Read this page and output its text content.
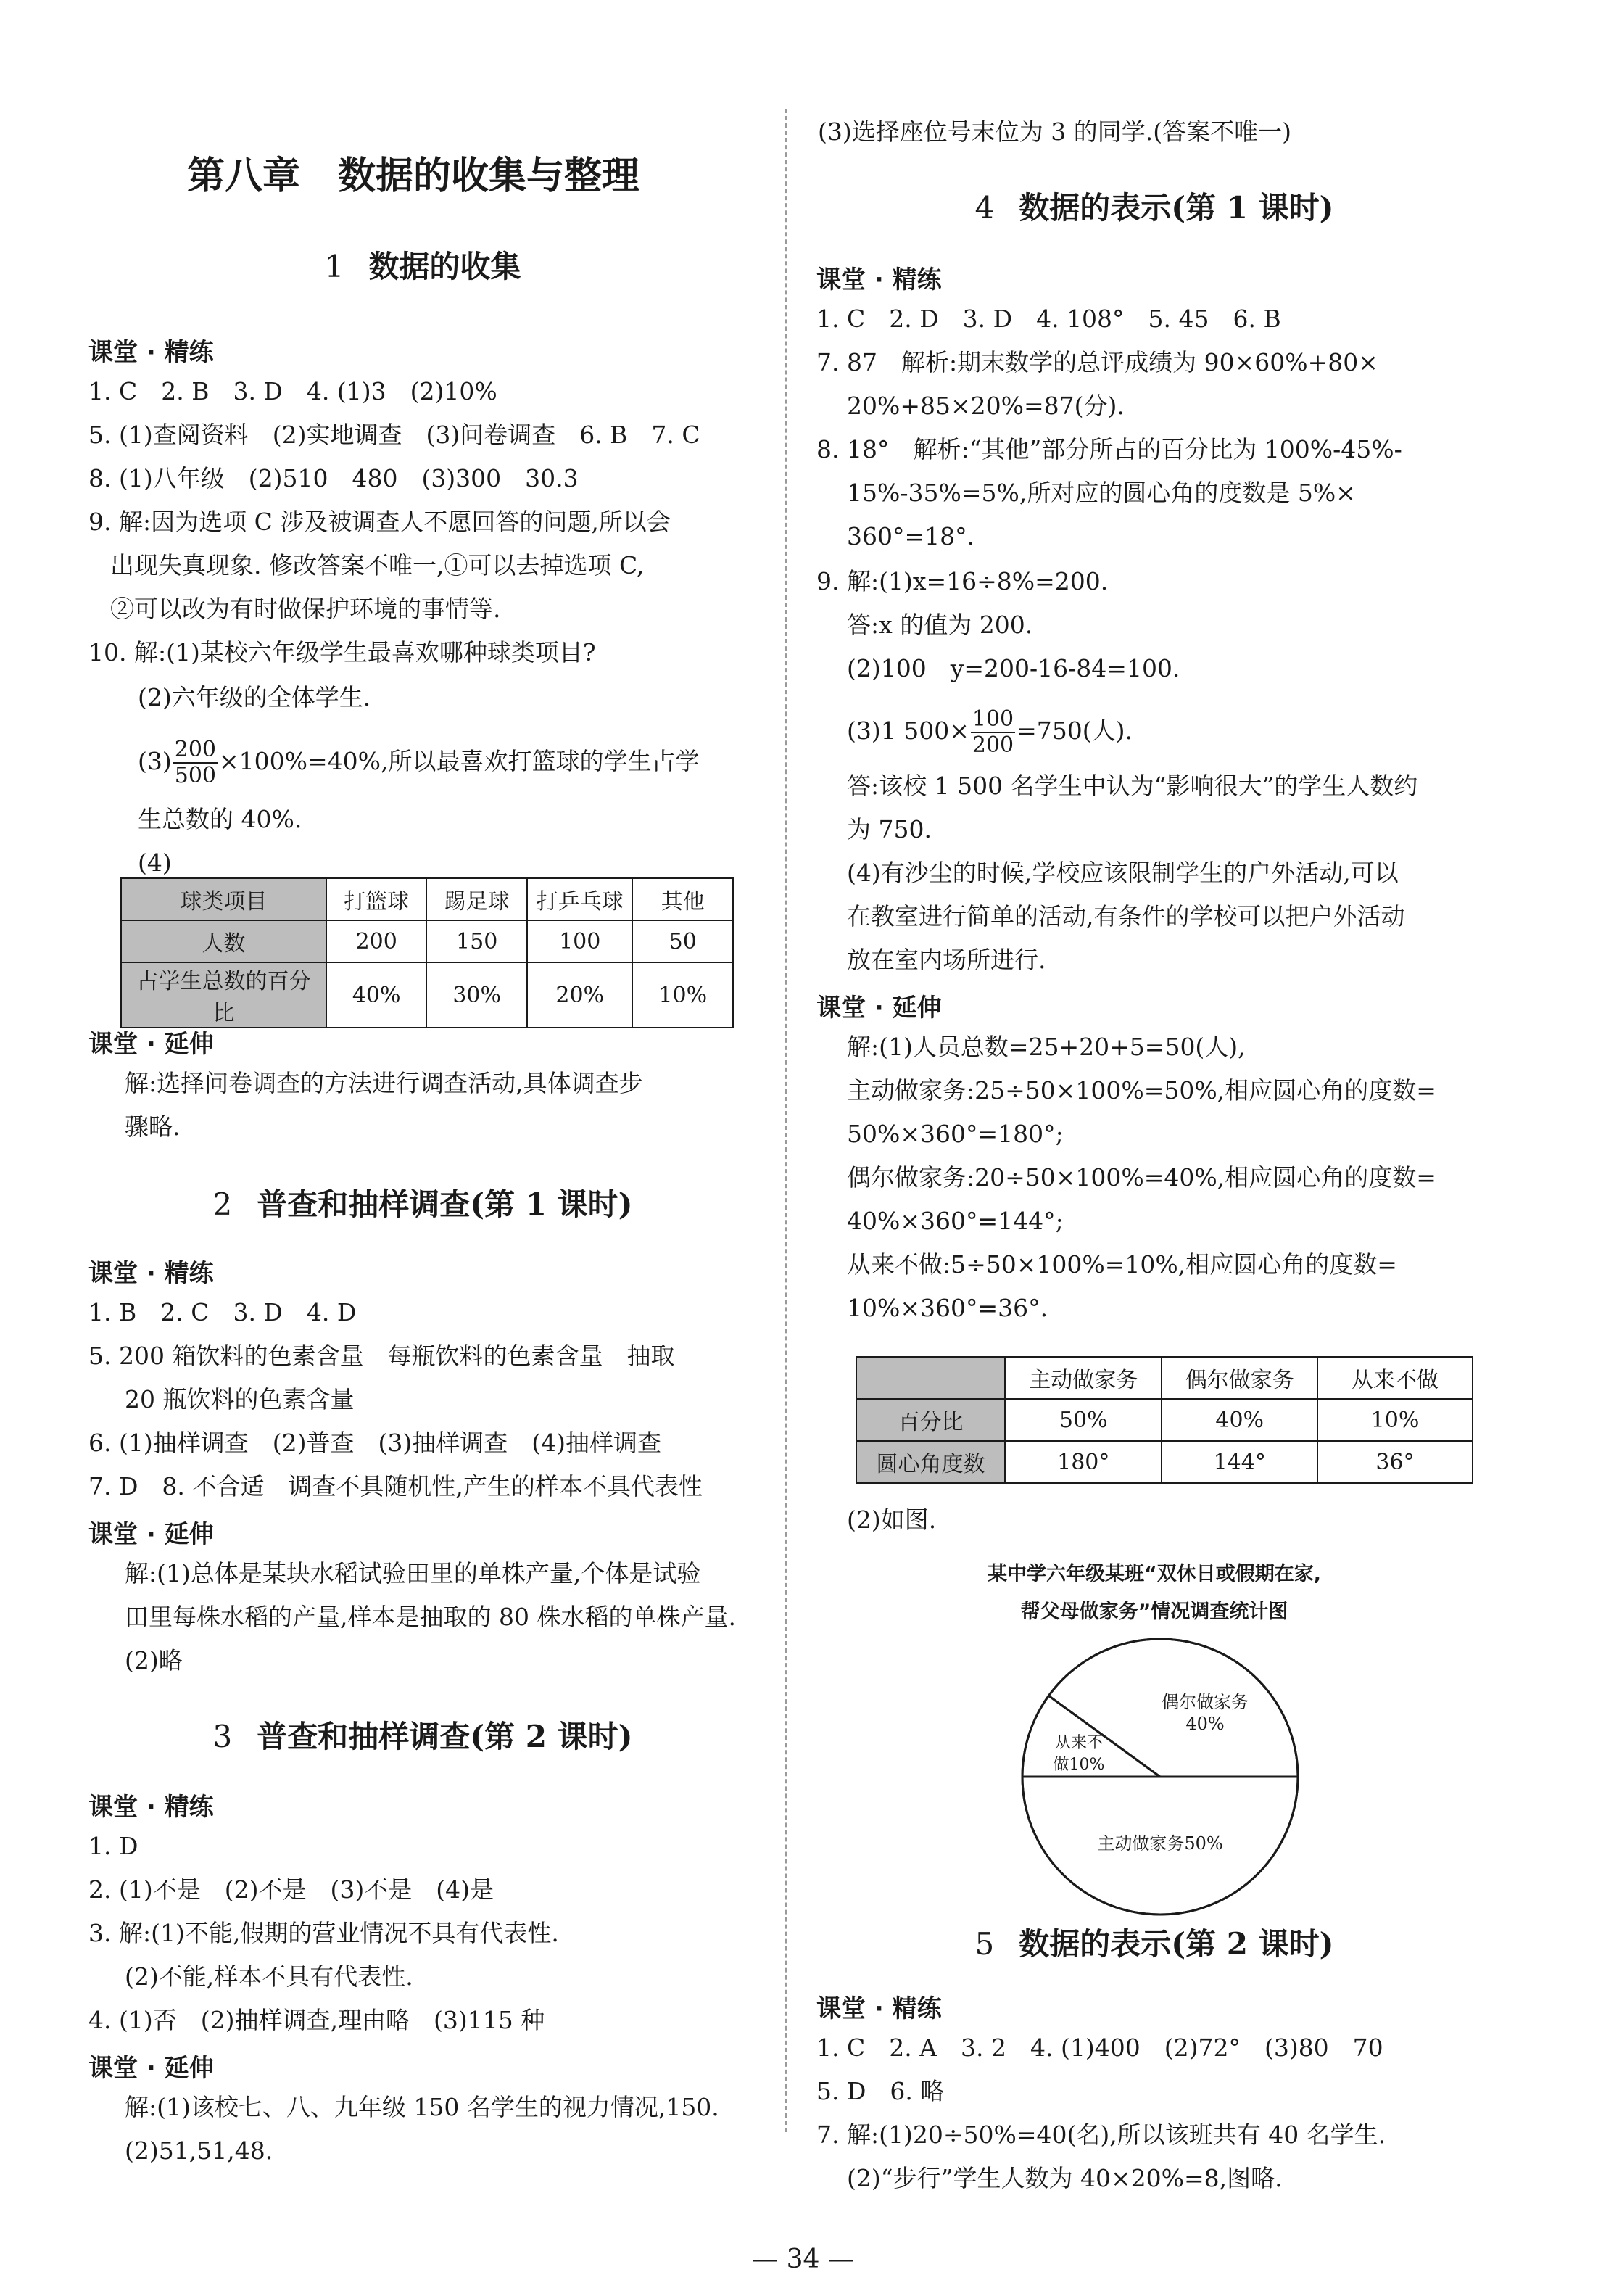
第八章　数据的收集与整理
1 数据的收集
课堂 · 精练
1. C　2. B　3. D　4. (1)3　(2)10%
5. (1)查阅资料　(2)实地调查　(3)问卷调查　6. B　7. C
8. (1)八年级　(2)510　480　(3)300　30.3
9. 解:因为选项 C 涉及被调查人不愿回答的问题,所以会
出现失真现象. 修改答案不唯一,①可以去掉选项 C,
②可以改为有时做保护环境的事情等.
10. 解:(1)某校六年级学生最喜欢哪种球类项目?
(2)六年级的全体学生.
$(3) \frac{200}{500} \times 100\%=40\%$,所以最喜欢打篮球的学生占学
生总数的 40%.
(4)
球类项目	打篮球	踢足球	打乒乓球	其他
人数	200	150	100	50
占学生总数的百分比	40%	30%	20%	10%
课堂 · 延伸
解:选择问卷调查的方法进行调查活动,具体调查步
骤略.
2 普查和抽样调查(第 1 课时)
课堂 · 精练
1. B　2. C　3. D　4. D
5. 200 箱饮料的色素含量　每瓶饮料的色素含量　抽取
20 瓶饮料的色素含量
6. (1)抽样调查　(2)普查　(3)抽样调查　(4)抽样调查
7. D　8. 不合适　调查不具随机性,产生的样本不具代表性
课堂 · 延伸
解:(1)总体是某块水稻试验田里的单株产量,个体是试验
田里每株水稻的产量,样本是抽取的 80 株水稻的单株产量.
(2)略
3 普查和抽样调查(第 2 课时)
课堂 · 精练
1. D
2. (1)不是　(2)不是　(3)不是　(4)是
3. 解:(1)不能,假期的营业情况不具有代表性.
(2)不能,样本不具有代表性.
4. (1)否　(2)抽样调查,理由略　(3)115 种
课堂 · 延伸
解:(1)该校七、八、九年级 150 名学生的视力情况,150.
(2)51,51,48.
(3)选择座位号末位为 3 的同学.(答案不唯一)
4 数据的表示(第 1 课时)
课堂 · 精练
1. C　2. D　3. D　4. 108°　5. 45　6. B
7. 87　解析:期末数学的总评成绩为 90×60%+80×
20%+85×20%=87(分).
8. 18°　解析:“其他”部分所占的百分比为 100%-45%-
15%-35%=5%,所对应的圆心角的度数是 5%×
360°=18°.
9. 解:(1)x=16÷8%=200.
答:x 的值为 200.
(2)100　y=200-16-84=100.
(3)1 $500\times \frac{100}{200} =750$(人).
答:该校 1 500 名学生中认为“影响很大”的学生人数约
为 750.
(4)有沙尘的时候,学校应该限制学生的户外活动,可以
在教室进行简单的活动,有条件的学校可以把户外活动
放在室内场所进行.
课堂 · 延伸
解:(1)人员总数=25+20+5=50(人),
主动做家务:25÷50×100%=50%,相应圆心角的度数=
50%×360°=180°;
偶尔做家务:20÷50×100%=40%,相应圆心角的度数=
40%×360°=144°;
从来不做:5÷50×100%=10%,相应圆心角的度数=
10%×360°=36°.
	主动做家务	偶尔做家务	从来不做
百分比	50%	40%	10%
圆心角度数	180°	144°	36°
(2)如图.
某中学六年级某班“双休日或假期在家,
帮父母做家务”情况调查统计图
主动做家务50%
偶尔做家务 40%
从来不做10%
5 数据的表示(第 2 课时)
课堂 · 精练
1. C　2. A　3. 2　4. (1)400　(2)72°　(3)80　70
5. D　6. 略
7. 解:(1)20÷50%=40(名),所以该班共有 40 名学生.
(2)“步行”学生人数为 40×20%=8,图略.
— 34 —
